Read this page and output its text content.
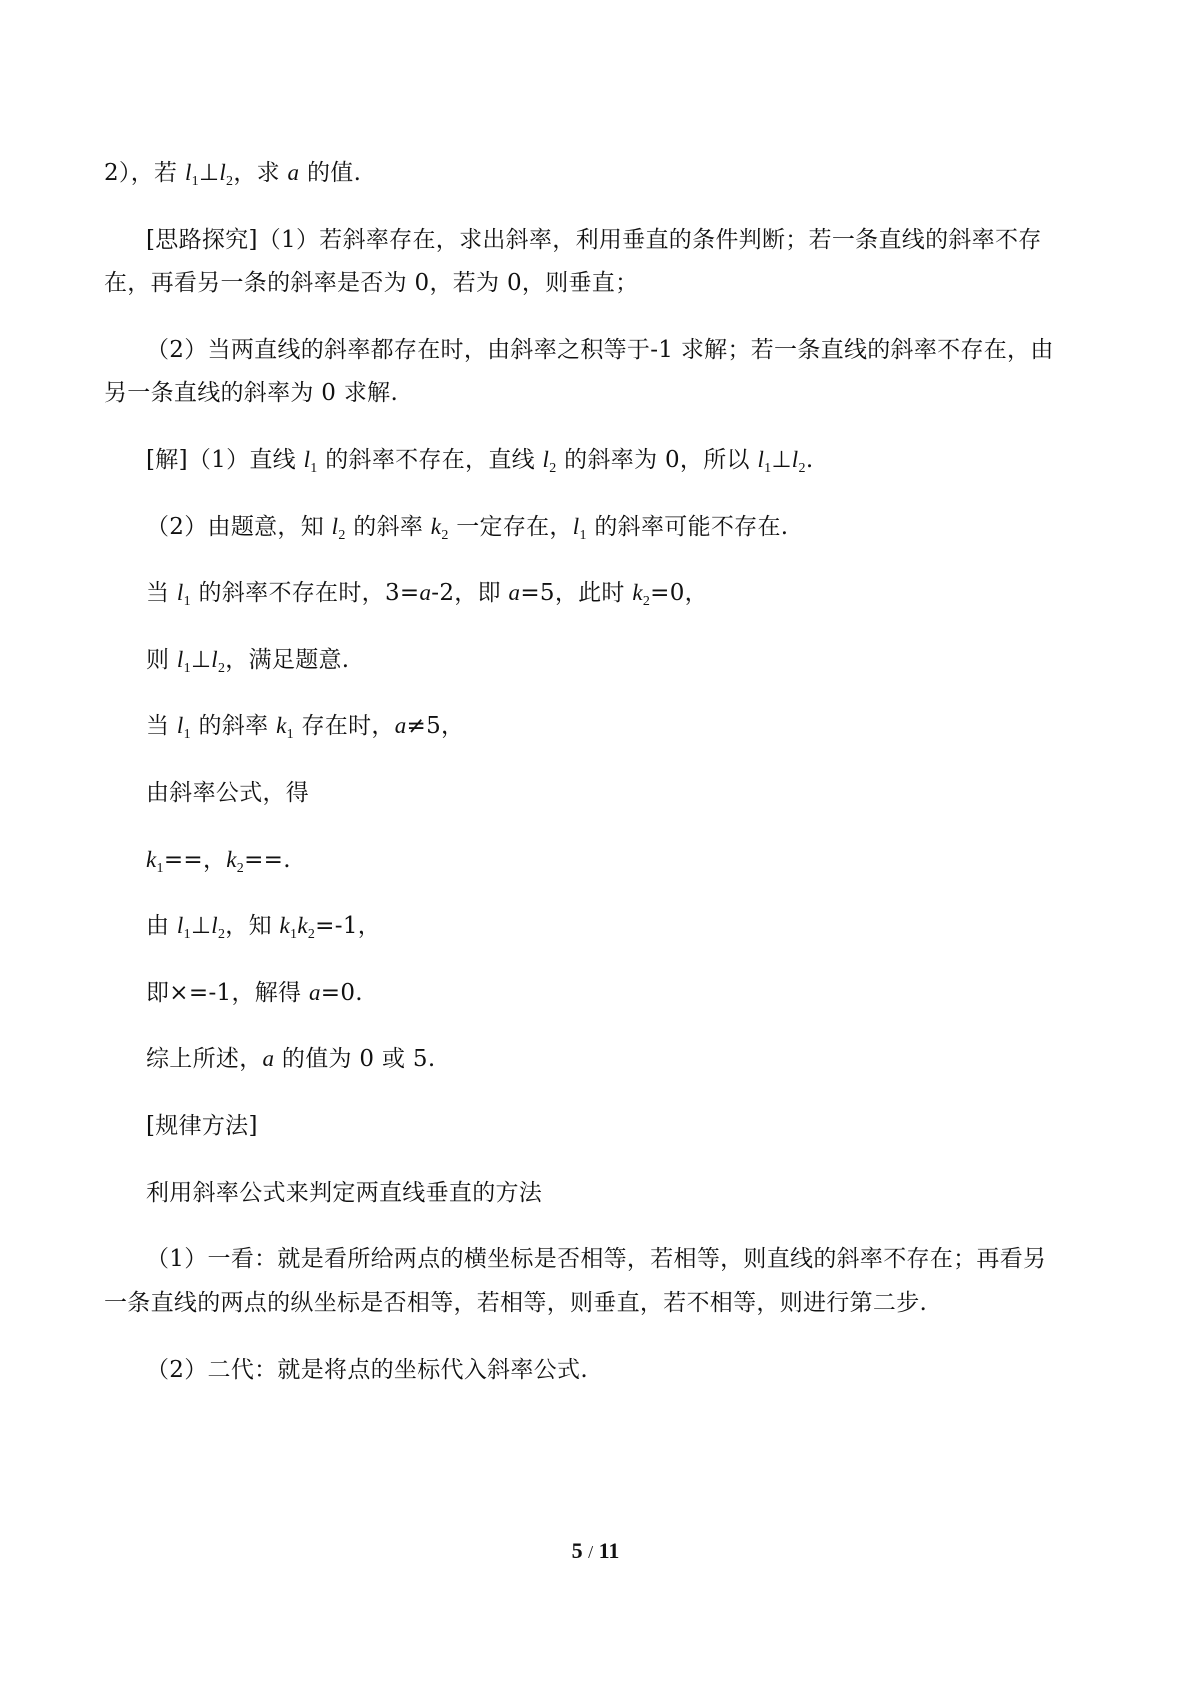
2），若 $l_1\perp l_2$，求 a 的值.
[思路探究]（1）若斜率存在，求出斜率，利用垂直的条件判断；若一条直线的斜率不存
在，再看另一条的斜率是否为 0，若为 0，则垂直；
（2）当两直线的斜率都存在时，由斜率之积等于-1 求解；若一条直线的斜率不存在，由
另一条直线的斜率为 0 求解.
[解]（1）直线 $l_1$ 的斜率不存在，直线 $l_2$ 的斜率为 0，所以 $l_1\perp l_2$.
（2）由题意，知 $l_2$ 的斜率 $k_2$ 一定存在，$l_1$ 的斜率可能不存在.
当 $l_1$ 的斜率不存在时，3=a-2，即 a=5，此时 $k_2=0$，
则 $l_1\perp l_2$，满足题意.
当 $l_1$ 的斜率 $k_1$ 存在时，a≠5，
由斜率公式，得
$k_1==$，$k_2==$.
由 $l_1\perp l_2$，知 $k_1k_2=-1$，
即×=-1，解得 a=0.
综上所述，a 的值为 0 或 5.
[规律方法]
利用斜率公式来判定两直线垂直的方法
（1）一看：就是看所给两点的横坐标是否相等，若相等，则直线的斜率不存在；再看另
一条直线的两点的纵坐标是否相等，若相等，则垂直，若不相等，则进行第二步.
（2）二代：就是将点的坐标代入斜率公式.
5 / 11
